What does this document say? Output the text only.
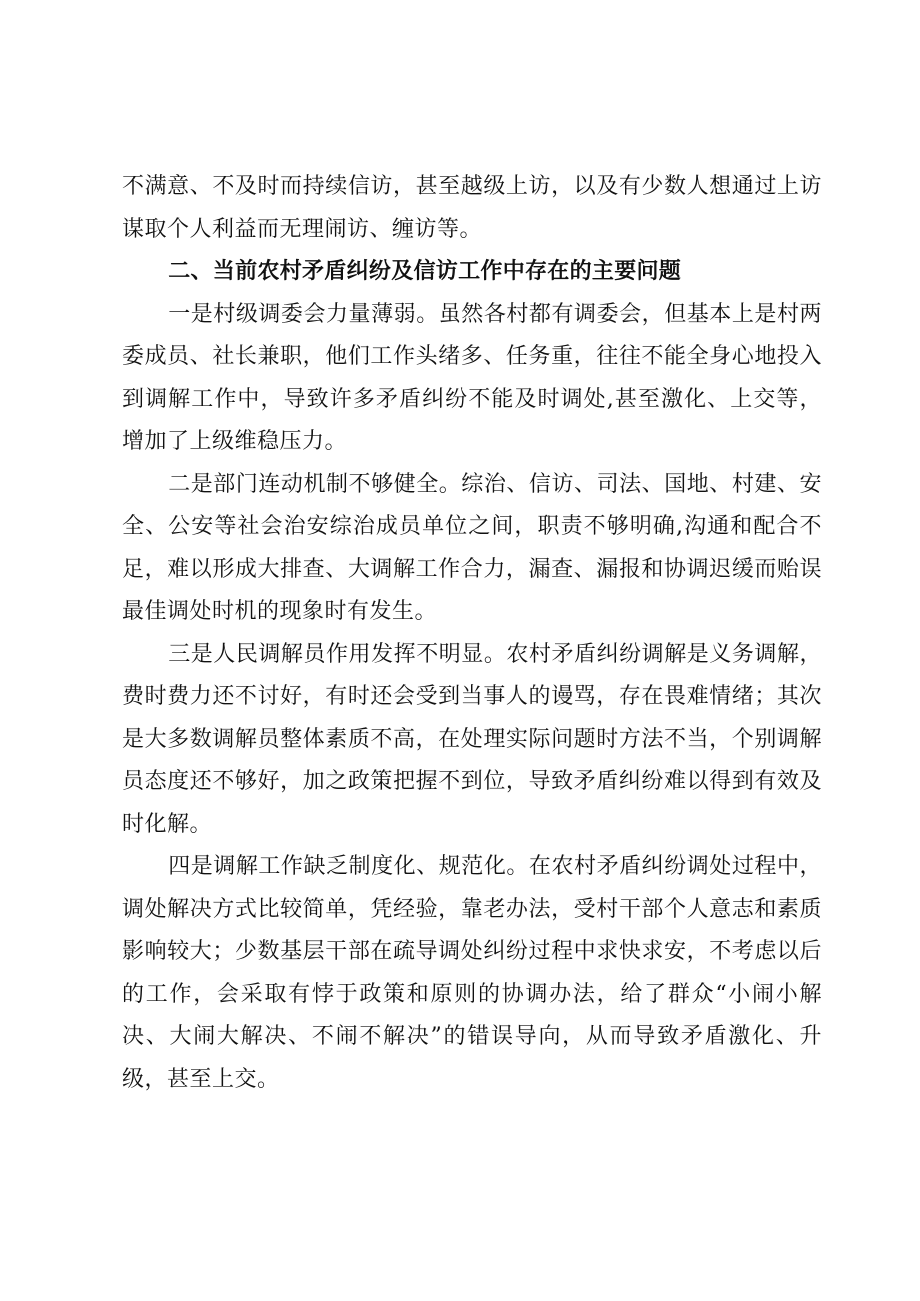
不满意、不及时而持续信访，甚至越级上访，以及有少数人想通过上访谋取个人利益而无理闹访、缠访等。

二、当前农村矛盾纠纷及信访工作中存在的主要问题

一是村级调委会力量薄弱。虽然各村都有调委会，但基本上是村两委成员、社长兼职，他们工作头绪多、任务重，往往不能全身心地投入到调解工作中，导致许多矛盾纠纷不能及时调处,甚至激化、上交等，增加了上级维稳压力。

二是部门连动机制不够健全。综治、信访、司法、国地、村建、安全、公安等社会治安综治成员单位之间，职责不够明确,沟通和配合不足，难以形成大排查、大调解工作合力，漏查、漏报和协调迟缓而贻误最佳调处时机的现象时有发生。

三是人民调解员作用发挥不明显。农村矛盾纠纷调解是义务调解，费时费力还不讨好，有时还会受到当事人的谩骂，存在畏难情绪；其次是大多数调解员整体素质不高，在处理实际问题时方法不当，个别调解员态度还不够好，加之政策把握不到位，导致矛盾纠纷难以得到有效及时化解。

四是调解工作缺乏制度化、规范化。在农村矛盾纠纷调处过程中，调处解决方式比较简单，凭经验，靠老办法，受村干部个人意志和素质影响较大；少数基层干部在疏导调处纠纷过程中求快求安，不考虑以后的工作，会采取有悖于政策和原则的协调办法，给了群众“小闹小解决、大闹大解决、不闹不解决”的错误导向，从而导致矛盾激化、升级，甚至上交。
